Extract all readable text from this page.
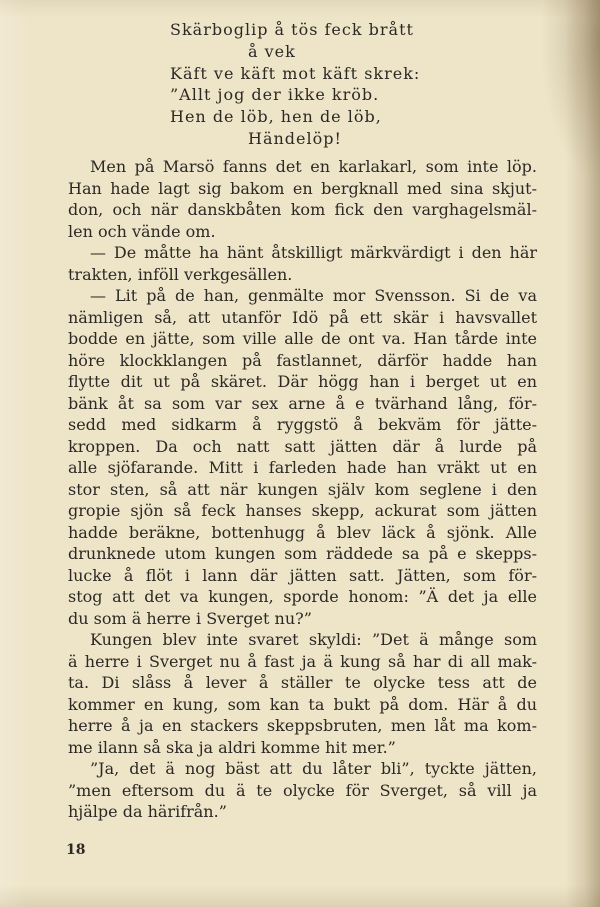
Skärboglip å tös feck brått
å vek
Käft ve käft mot käft skrek:
”Allt jog der ikke kröb.
Hen de löb, hen de löb,
Händelöp!
Men på Marsö fanns det en karlakarl, som inte löp.
Han hade lagt sig bakom en bergknall med sina skjut-
don, och när danskbåten kom fick den varghagelsmäl-
len och vände om.
— De måtte ha hänt åtskilligt märkvärdigt i den här
trakten, inföll verkgesällen.
— Lit på de han, genmälte mor Svensson. Si de va
nämligen så, att utanför Idö på ett skär i havsvallet
bodde en jätte, som ville alle de ont va. Han tårde inte
höre klockklangen på fastlannet, därför hadde han
flytte dit ut på skäret. Där högg han i berget ut en
bänk åt sa som var sex arne å e tvärhand lång, för-
sedd med sidkarm å ryggstö å bekväm för jätte-
kroppen. Da och natt satt jätten där å lurde på
alle sjöfarande. Mitt i farleden hade han vräkt ut en
stor sten, så att när kungen själv kom seglene i den
gropie sjön så feck hanses skepp, ackurat som jätten
hadde beräkne, bottenhugg å blev läck å sjönk. Alle
drunknede utom kungen som räddede sa på e skepps-
lucke å flöt i lann där jätten satt. Jätten, som för-
stog att det va kungen, sporde honom: ”Ä det ja elle
du som ä herre i Sverget nu?”
Kungen blev inte svaret skyldi: ”Det ä månge som
ä herre i Sverget nu å fast ja ä kung så har di all mak-
ta. Di slåss å lever å ställer te olycke tess att de
kommer en kung, som kan ta bukt på dom. Här å du
herre å ja en stackers skeppsbruten, men låt ma kom-
me ilann så ska ja aldri komme hit mer.”
”Ja, det ä nog bäst att du låter bli”, tyckte jätten,
”men eftersom du ä te olycke för Sverget, så vill ja
hjälpe da härifrån.”
18
